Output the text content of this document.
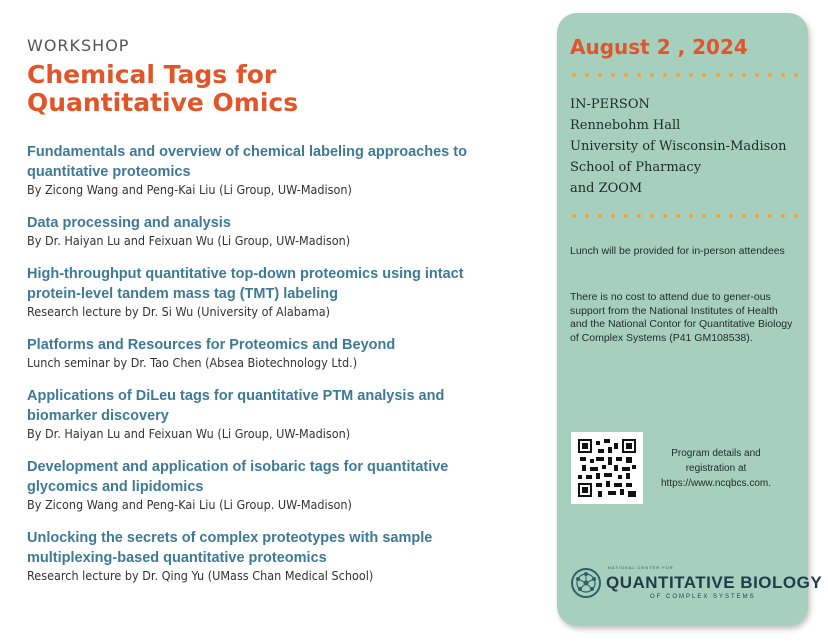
WORKSHOP
Chemical Tags for
Quantitative Omics
Fundamentals and overview of chemical labeling approaches to
quantitative proteomics
By Zicong Wang and Peng-Kai Liu (Li Group, UW-Madison)
Data processing and analysis
By Dr. Haiyan Lu and Feixuan Wu (Li Group, UW-Madison)
High-throughput quantitative top-down proteomics using intact
protein-level tandem mass tag (TMT) labeling
Research lecture by Dr. Si Wu (University of Alabama)
Platforms and Resources for Proteomics and Beyond
Lunch seminar by Dr. Tao Chen (Absea Biotechnology Ltd.)
Applications of DiLeu tags for quantitative PTM analysis and
biomarker discovery
By Dr. Haiyan Lu and Feixuan Wu (Li Group, UW-Madison)
Development and application of isobaric tags for quantitative
glycomics and lipidomics
By Zicong Wang and Peng-Kai Liu (Li Group. UW-Madison)
Unlocking the secrets of complex proteotypes with sample
multiplexing-based quantitative proteomics
Research lecture by Dr. Qing Yu (UMass Chan Medical School)
August 2 , 2024
IN-PERSON
Rennebohm Hall
University of Wisconsin-Madison
School of Pharmacy
and ZOOM
Lunch will be provided for in-person attendees
There is no cost to attend due to gener-ous support from the National Institutes of Health and the National Contor for Quantitative Biology of Complex Systems (P41 GM108538).
Program details and
registration at
https://www.ncqbcs.com.
NATIONAL CENTER FOR
QUANTITATIVE BIOLOGY
OF COMPLEX SYSTEMS
